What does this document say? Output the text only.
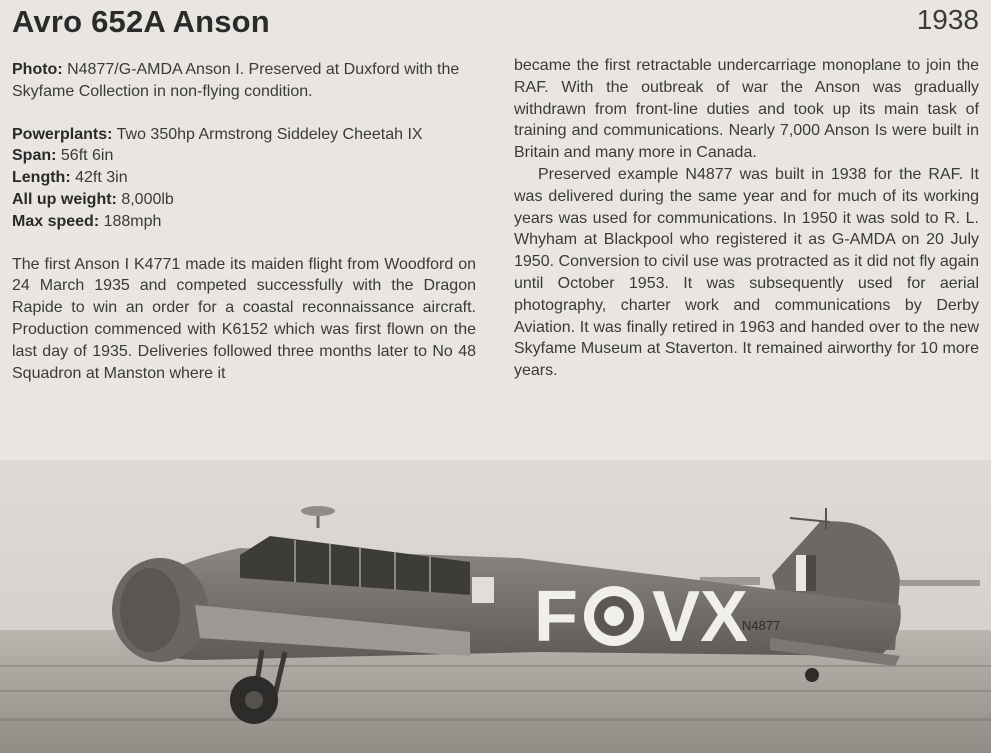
Avro 652A Anson	1938

Photo: N4877/G-AMDA Anson I. Preserved at Duxford with the Skyfame Collection in non-flying condition.

Powerplants: Two 350hp Armstrong Siddeley Cheetah IX

Span: 56ft 6in

Length: 42ft 3in

All up weight: 8,000lb

Max speed: 188mph

The first Anson I K4771 made its maiden flight from Woodford on 24 March 1935 and competed successfully with the Dragon Rapide to win an order for a coastal reconnaissance aircraft. Production commenced with K6152 which was first flown on the last day of 1935. Deliveries followed three months later to No 48 Squadron at Manston where it

became the first retractable undercarriage monoplane to join the RAF. With the outbreak of war the Anson was gradually withdrawn from front-line duties and took up its main task of training and communications. Nearly 7,000 Anson Is were built in Britain and many more in Canada.

Preserved example N4877 was built in 1938 for the RAF. It was delivered during the same year and for much of its working years was used for communications. In 1950 it was sold to R. L. Whyham at Blackpool who registered it as G-AMDA on 20 July 1950. Conversion to civil use was protracted as it did not fly again until October 1953. It was subsequently used for aerial photography, charter work and communications by Derby Aviation. It was finally retired in 1963 and handed over to the new Skyfame Museum at Staverton. It remained airworthy for 10 more years.

F VX
N4877
